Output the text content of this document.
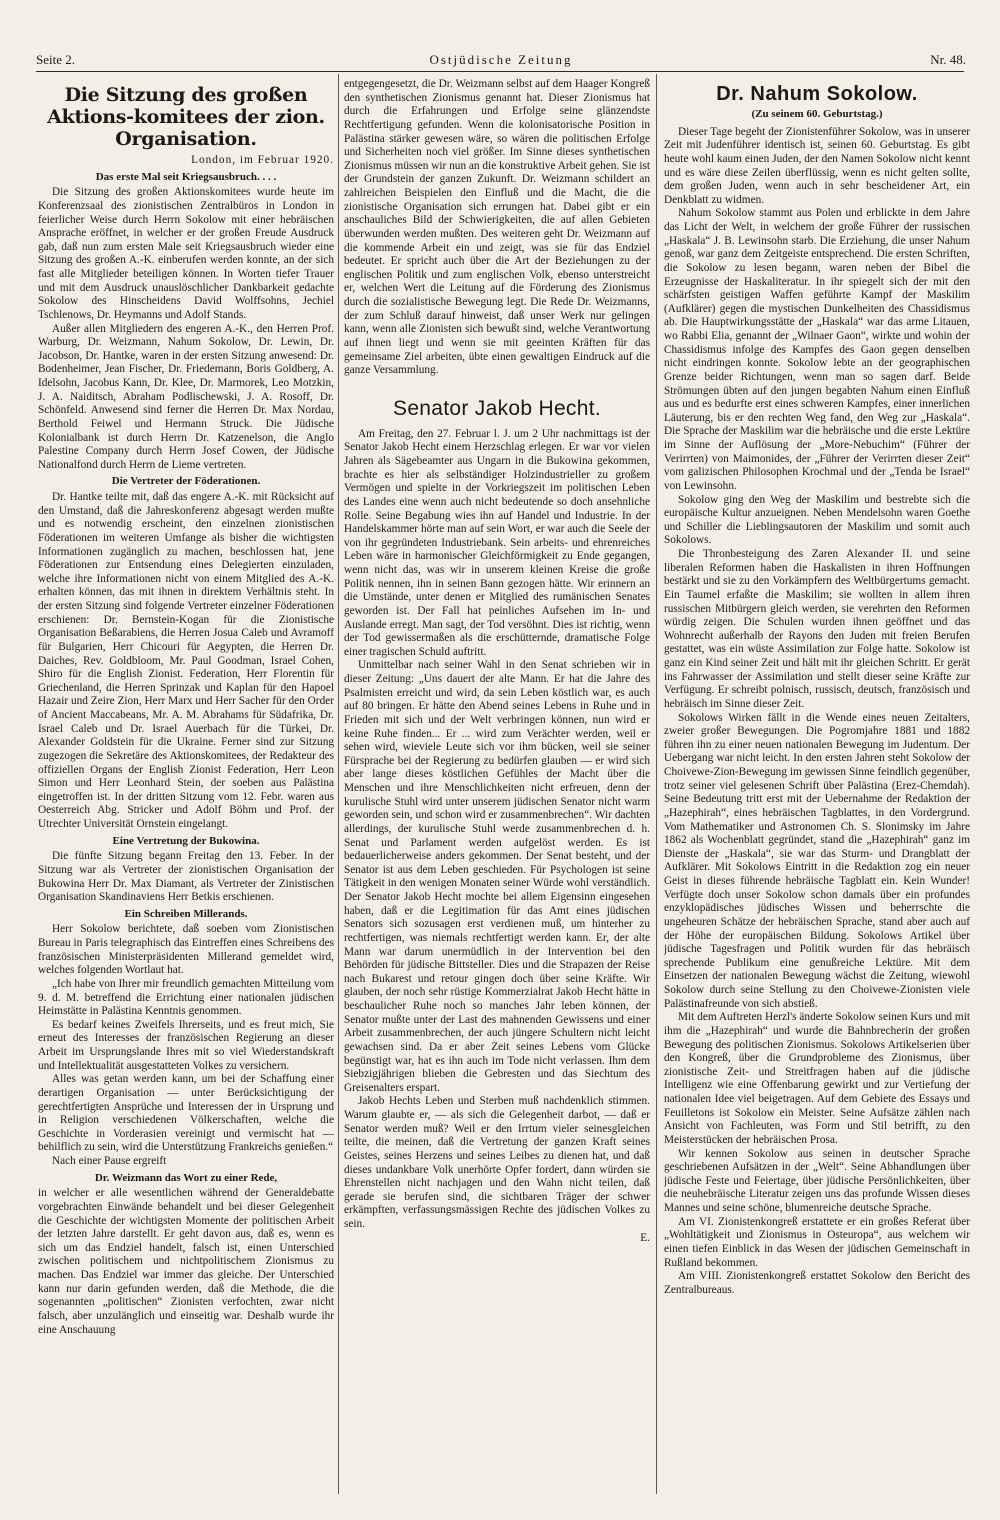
Seite 2.	Ostjüdische Zeitung	Nr. 48.
Die Sitzung des großen Aktions-komitees der zion. Organisation.

London, im Februar 1920.

Das erste Mal seit Kriegsausbruch. . . .

Die Sitzung des großen Aktionskomitees wurde heute im Konferenzsaal des zionistischen Zentralbüros in London in feierlicher Weise durch Herrn Sokolow mit einer hebräischen Ansprache eröffnet, in welcher er der großen Freude Ausdruck gab, daß nun zum ersten Male seit Kriegsausbruch wieder eine Sitzung des großen A.-K. einberufen werden konnte, an der sich fast alle Mitglieder beteiligen können. In Worten tiefer Trauer und mit dem Ausdruck unauslöschlicher Dankbarkeit gedachte Sokolow des Hinscheidens David Wolffsohns, Jechiel Tschlenows, Dr. Heymanns und Adolf Stands.

Außer allen Mitgliedern des engeren A.-K., den Herren Prof. Warburg, Dr. Weizmann, Nahum Sokolow, Dr. Lewin, Dr. Jacobson, Dr. Hantke, waren in der ersten Sitzung anwesend: Dr. Bodenheimer, Jean Fischer, Dr. Friedemann, Boris Goldberg, A. Idelsohn, Jacobus Kann, Dr. Klee, Dr. Marmorek, Leo Motzkin, J. A. Naiditsch, Abraham Podlischewski, J. A. Rosoff, Dr. Schönfeld. Anwesend sind ferner die Herren Dr. Max Nordau, Berthold Feiwel und Hermann Struck. Die Jüdische Kolonialbank ist durch Herrn Dr. Katzenelson, die Anglo Palestine Company durch Herrn Josef Cowen, der Jüdische Nationalfond durch Herrn de Lieme vertreten.

Die Vertreter der Föderationen.

Dr. Hantke teilte mit, daß das engere A.-K. mit Rücksicht auf den Umstand, daß die Jahreskonferenz abgesagt werden mußte und es notwendig erscheint, den einzelnen zionistischen Föderationen im weiteren Umfange als bisher die wichtigsten Informationen zugänglich zu machen, beschlossen hat, jene Föderationen zur Entsendung eines Delegierten einzuladen, welche ihre Informationen nicht von einem Mitglied des A.-K. erhalten können, das mit ihnen in direktem Verhältnis steht. In der ersten Sitzung sind folgende Vertreter einzelner Föderationen erschienen: Dr. Bernstein-Kogan für die Zionistische Organisation Beßarabiens, die Herren Josua Caleb und Avramoff für Bulgarien, Herr Chicouri für Aegypten, die Herren Dr. Daiches, Rev. Goldbloom, Mr. Paul Goodman, Israel Cohen, Shiro für die English Zionist. Federation, Herr Florentin für Griechenland, die Herren Sprinzak und Kaplan für den Hapoel Hazair und Zeire Zion, Herr Marx und Herr Sacher für den Order of Ancient Maccabeans, Mr. A. M. Abrahams für Südafrika, Dr. Israel Caleb und Dr. Israel Auerbach für die Türkei, Dr. Alexander Goldstein für die Ukraine. Ferner sind zur Sitzung zugezogen die Sekretäre des Aktionskomitees, der Redakteur des offiziellen Organs der English Zionist Federation, Herr Leon Simon und Herr Leonhard Stein, der soeben aus Palästina eingetroffen ist. In der dritten Sitzung vom 12. Febr. waren aus Oesterreich Abg. Stricker und Adolf Böhm und Prof. der Utrechter Universität Ornstein eingelangt.

Eine Vertretung der Bukowina.

Die fünfte Sitzung begann Freitag den 13. Feber. In der Sitzung war als Vertreter der zionistischen Organisation der Bukowina Herr Dr. Max Diamant, als Vertreter der Zinistischen Organisation Skandinaviens Herr Betkis erschienen.

Ein Schreiben Millerands.

Herr Sokolow berichtete, daß soeben vom Zionistischen Bureau in Paris telegraphisch das Eintreffen eines Schreibens des französischen Ministerpräsidenten Millerand gemeldet wird, welches folgenden Wortlaut hat.

„Ich habe von Ihrer mir freundlich gemachten Mitteilung vom 9. d. M. betreffend die Errichtung einer nationalen jüdischen Heimstätte in Palästina Kenntnis genommen.

Es bedarf keines Zweifels Ihrerseits, und es freut mich, Sie erneut des Interesses der französischen Regierung an dieser Arbeit im Ursprungslande Ihres mit so viel Wiederstandskraft und Intellektualität ausgestatteten Volkes zu versichern.

Alles was getan werden kann, um bei der Schaffung einer derartigen Organisation — unter Berücksichtigung der gerechtfertigten Ansprüche und Interessen der in Ursprung und in Religion verschiedenen Völkerschaften, welche die Geschichte in Vorderasien vereinigt und vermischt hat — behilflich zu sein, wird die Unterstützung Frankreichs genießen.“

Nach einer Pause ergreift

Dr. Weizmann das Wort zu einer Rede,

in welcher er alle wesentlichen während der Generaldebatte vorgebrachten Einwände behandelt und bei dieser Gelegenheit die Geschichte der wichtigsten Momente der politischen Arbeit der letzten Jahre darstellt. Er geht davon aus, daß es, wenn es sich um das Endziel handelt, falsch ist, einen Unterschied zwischen politischem und nichtpolitischem Zionismus zu machen. Das Endziel war immer das gleiche. Der Unterschied kann nur darin gefunden werden, daß die Methode, die die sogenannten „politischen“ Zionisten verfochten, zwar nicht falsch, aber unzulänglich und einseitig war. Deshalb wurde ihr eine Anschauung

entgegengesetzt, die Dr. Weizmann selbst auf dem Haager Kongreß den synthetischen Zionismus genannt hat. Dieser Zionismus hat durch die Erfahrungen und Erfolge seine glänzendste Rechtfertigung gefunden. Wenn die kolonisatorische Position in Palästina stärker gewesen wäre, so wären die politischen Erfolge und Sicherheiten noch viel größer. Im Sinne dieses synthetischen Zionismus müssen wir nun an die konstruktive Arbeit gehen. Sie ist der Grundstein der ganzen Zukunft. Dr. Weizmann schildert an zahlreichen Beispielen den Einfluß und die Macht, die die zionistische Organisation sich errungen hat. Dabei gibt er ein anschauliches Bild der Schwierigkeiten, die auf allen Gebieten überwunden werden mußten. Des weiteren geht Dr. Weizmann auf die kommende Arbeit ein und zeigt, was sie für das Endziel bedeutet. Er spricht auch über die Art der Beziehungen zu der englischen Politik und zum englischen Volk, ebenso unterstreicht er, welchen Wert die Leitung auf die Förderung des Zionismus durch die sozialistische Bewegung legt. Die Rede Dr. Weizmanns, der zum Schluß darauf hinweist, daß unser Werk nur gelingen kann, wenn alle Zionisten sich bewußt sind, welche Verantwortung auf ihnen liegt und wenn sie mit geeinten Kräften für das gemeinsame Ziel arbeiten, übte einen gewaltigen Eindruck auf die ganze Versammlung.

Senator Jakob Hecht.

Am Freitag, den 27. Februar l. J. um 2 Uhr nachmittags ist der Senator Jakob Hecht einem Herzschlag erlegen. Er war vor vielen Jahren als Sägebeamter aus Ungarn in die Bukowina gekommen, brachte es hier als selbständiger Holzindustrieller zu großem Vermögen und spielte in der Vorkriegszeit im politischen Leben des Landes eine wenn auch nicht bedeutende so doch ansehnliche Rolle. Seine Begabung wies ihn auf Handel und Industrie. In der Handelskammer hörte man auf sein Wort, er war auch die Seele der von ihr gegründeten Industriebank. Sein arbeits- und ehrenreiches Leben wäre in harmonischer Gleichförmigkeit zu Ende gegangen, wenn nicht das, was wir in unserem kleinen Kreise die große Politik nennen, ihn in seinen Bann gezogen hätte. Wir erinnern an die Umstände, unter denen er Mitglied des rumänischen Senates geworden ist. Der Fall hat peinliches Aufsehen im In- und Auslande erregt. Man sagt, der Tod versöhnt. Dies ist richtig, wenn der Tod gewissermaßen als die erschütternde, dramatische Folge einer tragischen Schuld auftritt.

Unmittelbar nach seiner Wahl in den Senat schrieben wir in dieser Zeitung: „Uns dauert der alte Mann. Er hat die Jahre des Psalmisten erreicht und wird, da sein Leben köstlich war, es auch auf 80 bringen. Er hätte den Abend seines Lebens in Ruhe und in Frieden mit sich und der Welt verbringen können, nun wird er keine Ruhe finden... Er ... wird zum Verächter werden, weil er sehen wird, wieviele Leute sich vor ihm bücken, weil sie seiner Fürsprache bei der Regierung zu bedürfen glauben — er wird sich aber lange dieses köstlichen Gefühles der Macht über die Menschen und ihre Menschlichkeiten nicht erfreuen, denn der kurulische Stuhl wird unter unserem jüdischen Senator nicht warm geworden sein, und schon wird er zusammenbrechen“. Wir dachten allerdings, der kurulische Stuhl werde zusammenbrechen d. h. Senat und Parlament werden aufgelöst werden. Es ist bedauerlicherweise anders gekommen. Der Senat besteht, und der Senator ist aus dem Leben geschieden. Für Psychologen ist seine Tätigkeit in den wenigen Monaten seiner Würde wohl verständlich. Der Senator Jakob Hecht mochte bei allem Eigensinn eingesehen haben, daß er die Legitimation für das Amt eines jüdischen Senators sich sozusagen erst verdienen muß, um hinterher zu rechtfertigen, was niemals rechtfertigt werden kann. Er, der alte Mann war darum unermüdlich in der Intervention bei den Behörden für jüdische Bittsteller. Dies und die Strapazen der Reise nach Bukarest und retour gingen doch über seine Kräfte. Wir glauben, der noch sehr rüstige Kommerzialrat Jakob Hecht hätte in beschaulicher Ruhe noch so manches Jahr leben können, der Senator mußte unter der Last des mahnenden Gewissens und einer Arbeit zusammenbrechen, der auch jüngere Schultern nicht leicht gewachsen sind. Da er aber Zeit seines Lebens vom Glücke begünstigt war, hat es ihn auch im Tode nicht verlassen. Ihm dem Siebzigjährigen blieben die Gebresten und das Siechtum des Greisenalters erspart.

Jakob Hechts Leben und Sterben muß nachdenklich stimmen. Warum glaubte er, — als sich die Gelegenheit darbot, — daß er Senator werden muß? Weil er den Irrtum vieler seinesgleichen teilte, die meinen, daß die Vertretung der ganzen Kraft seines Geistes, seines Herzens und seines Leibes zu dienen hat, und daß dieses undankbare Volk unerhörte Opfer fordert, dann würden sie Ehrenstellen nicht nachjagen und den Wahn nicht teilen, daß gerade sie berufen sind, die sichtbaren Träger der schwer erkämpften, verfassungsmässigen Rechte des jüdischen Volkes zu sein.

E.

Dr. Nahum Sokolow.

(Zu seinem 60. Geburtstag.)

Dieser Tage begeht der Zionistenführer Sokolow, was in unserer Zeit mit Judenführer identisch ist, seinen 60. Geburtstag. Es gibt heute wohl kaum einen Juden, der den Namen Sokolow nicht kennt und es wäre diese Zeilen überflüssig, wenn es nicht gelten sollte, dem großen Juden, wenn auch in sehr bescheidener Art, ein Denkblatt zu widmen.

Nahum Sokolow stammt aus Polen und erblickte in dem Jahre das Licht der Welt, in welchem der große Führer der russischen „Haskala“ J. B. Lewinsohn starb. Die Erziehung, die unser Nahum genoß, war ganz dem Zeitgeiste entsprechend. Die ersten Schriften, die Sokolow zu lesen begann, waren neben der Bibel die Erzeugnisse der Haskaliteratur. In ihr spiegelt sich der mit den schärfsten geistigen Waffen geführte Kampf der Maskilim (Aufklärer) gegen die mystischen Dunkelheiten des Chassidismus ab. Die Hauptwirkungsstätte der „Haskala“ war das arme Litauen, wo Rabbi Elia, genannt der „Wilnaer Gaon“, wirkte und wohin der Chassidismus infolge des Kampfes des Gaon gegen denselben nicht eindringen konnte. Sokolow lebte an der geographischen Grenze beider Richtungen, wenn man so sagen darf. Beide Strömungen übten auf den jungen begabten Nahum einen Einfluß aus und es bedurfte erst eines schweren Kampfes, einer innerlichen Läuterung, bis er den rechten Weg fand, den Weg zur „Haskala“. Die Sprache der Maskilim war die hebräische und die erste Lektüre im Sinne der Auflösung der „More-Nebuchim“ (Führer der Verirrten) von Maimonides, der „Führer der Verirrten dieser Zeit“ vom galizischen Philosophen Krochmal und der „Tenda be Israel“ von Lewinsohn.

Sokolow ging den Weg der Maskilim und bestrebte sich die europäische Kultur anzueignen. Neben Mendelsohn waren Goethe und Schiller die Lieblingsautoren der Maskilim und somit auch Sokolows.

Die Thronbesteigung des Zaren Alexander II. und seine liberalen Reformen haben die Haskalisten in ihren Hoffnungen bestärkt und sie zu den Vorkämpfern des Weltbürgertums gemacht. Ein Taumel erfaßte die Maskilim; sie wollten in allem ihren russischen Mitbürgern gleich werden, sie verehrten den Reformen würdig zeigen. Die Schulen wurden ihnen geöffnet und das Wohnrecht außerhalb der Rayons den Juden mit freien Berufen gestattet, was ein wüste Assimilation zur Folge hatte. Sokolow ist ganz ein Kind seiner Zeit und hält mit ihr gleichen Schritt. Er gerät ins Fahrwasser der Assimilation und stellt dieser seine Kräfte zur Verfügung. Er schreibt polnisch, russisch, deutsch, französisch und hebräisch im Sinne dieser Zeit.

Sokolows Wirken fällt in die Wende eines neuen Zeitalters, zweier großer Bewegungen. Die Pogromjahre 1881 und 1882 führen ihn zu einer neuen nationalen Bewegung im Judentum. Der Uebergang war nicht leicht. In den ersten Jahren steht Sokolow der Choivewe-Zion-Bewegung im gewissen Sinne feindlich gegenüber, trotz seiner viel gelesenen Schrift über Palästina (Erez-Chemdah). Seine Bedeutung tritt erst mit der Uebernahme der Redaktion der „Hazephirah“, eines hebräischen Tagblattes, in den Vordergrund. Vom Mathematiker und Astronomen Ch. S. Slonimsky im Jahre 1862 als Wochenblatt gegründet, stand die „Hazephirah“ ganz im Dienste der „Haskala“, sie war das Sturm- und Drangblatt der Aufklärer. Mit Sokolows Eintritt in die Redaktion zog ein neuer Geist in dieses führende hebräische Tagblatt ein. Kein Wunder! Verfügte doch unser Sokolow schon damals über ein profundes enzyklopädisches jüdisches Wissen und beherrschte die ungeheuren Schätze der hebräischen Sprache, stand aber auch auf der Höhe der europäischen Bildung. Sokolows Artikel über jüdische Tagesfragen und Politik wurden für das hebräisch sprechende Publikum eine genußreiche Lektüre. Mit dem Einsetzen der nationalen Bewegung wächst die Zeitung, wiewohl Sokolow durch seine Stellung zu den Choivewe-Zionisten viele Palästinafreunde von sich abstieß.

Mit dem Auftreten Herzl's änderte Sokolow seinen Kurs und mit ihm die „Hazephirah“ und wurde die Bahnbrecherin der großen Bewegung des politischen Zionismus. Sokolows Artikelserien über den Kongreß, über die Grundprobleme des Zionismus, über zionistische Zeit- und Streitfragen haben auf die jüdische Intelligenz wie eine Offenbarung gewirkt und zur Vertiefung der nationalen Idee viel beigetragen. Auf dem Gebiete des Essays und Feuilletons ist Sokolow ein Meister. Seine Aufsätze zählen nach Ansicht von Fachleuten, was Form und Stil betrifft, zu den Meisterstücken der hebräischen Prosa.

Wir kennen Sokolow aus seinen in deutscher Sprache geschriebenen Aufsätzen in der „Welt“. Seine Abhandlungen über jüdische Feste und Feiertage, über jüdische Persönlichkeiten, über die neuhebräische Literatur zeigen uns das profunde Wissen dieses Mannes und seine schöne, blumenreiche deutsche Sprache.

Am VI. Zionistenkongreß erstattete er ein großes Referat über „Wohltätigkeit und Zionismus in Osteuropa“, aus welchem wir einen tiefen Einblick in das Wesen der jüdischen Gemeinschaft in Rußland bekommen.

Am VIII. Zionistenkongreß erstattet Sokolow den Bericht des Zentralbureaus.
